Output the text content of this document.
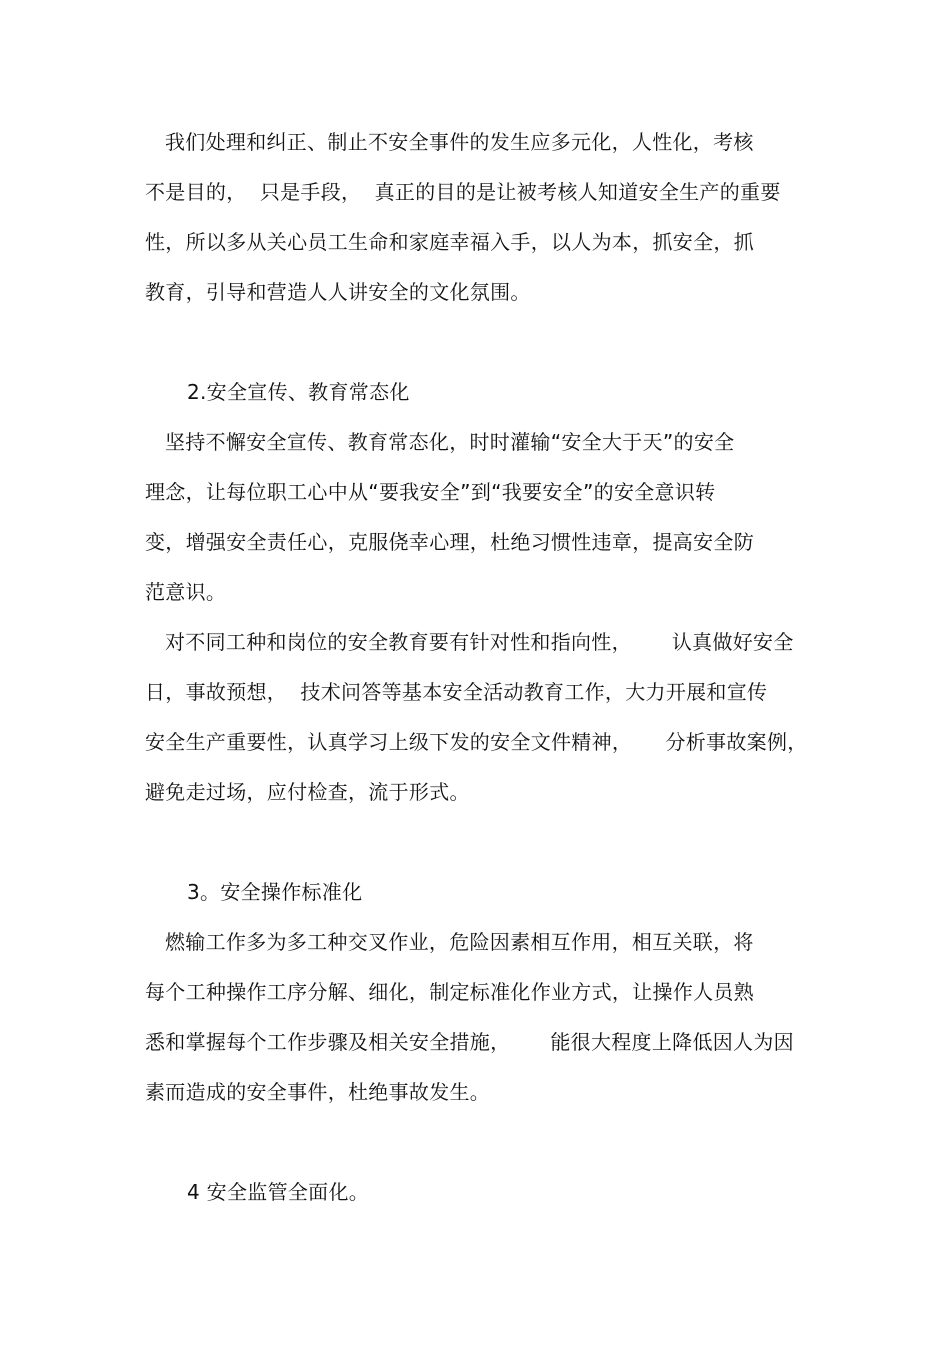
我们处理和纠正、制止不安全事件的发生应多元化，人性化，考核
不是目的，  只是手段，  真正的目的是让被考核人知道安全生产的重要
性，所以多从关心员工生命和家庭幸福入手，以人为本，抓安全，抓
教育，引导和营造人人讲安全的文化氛围。
2.安全宣传、教育常态化
坚持不懈安全宣传、教育常态化，时时灌输“安全大于天”的安全
理念，让每位职工心中从“要我安全”到“我要安全”的安全意识转
变，增强安全责任心，克服侥幸心理，杜绝习惯性违章，提高安全防
范意识。
对不同工种和岗位的安全教育要有针对性和指向性，      认真做好安全
日，事故预想，  技术问答等基本安全活动教育工作，大力开展和宣传
安全生产重要性，认真学习上级下发的安全文件精神，     分析事故案例，
避免走过场，应付检查，流于形式。
3。安全操作标准化
燃输工作多为多工种交叉作业，危险因素相互作用，相互关联，将
每个工种操作工序分解、细化，制定标准化作业方式，让操作人员熟
悉和掌握每个工作步骤及相关安全措施，      能很大程度上降低因人为因
素而造成的安全事件，杜绝事故发生。
4 安全监管全面化。
